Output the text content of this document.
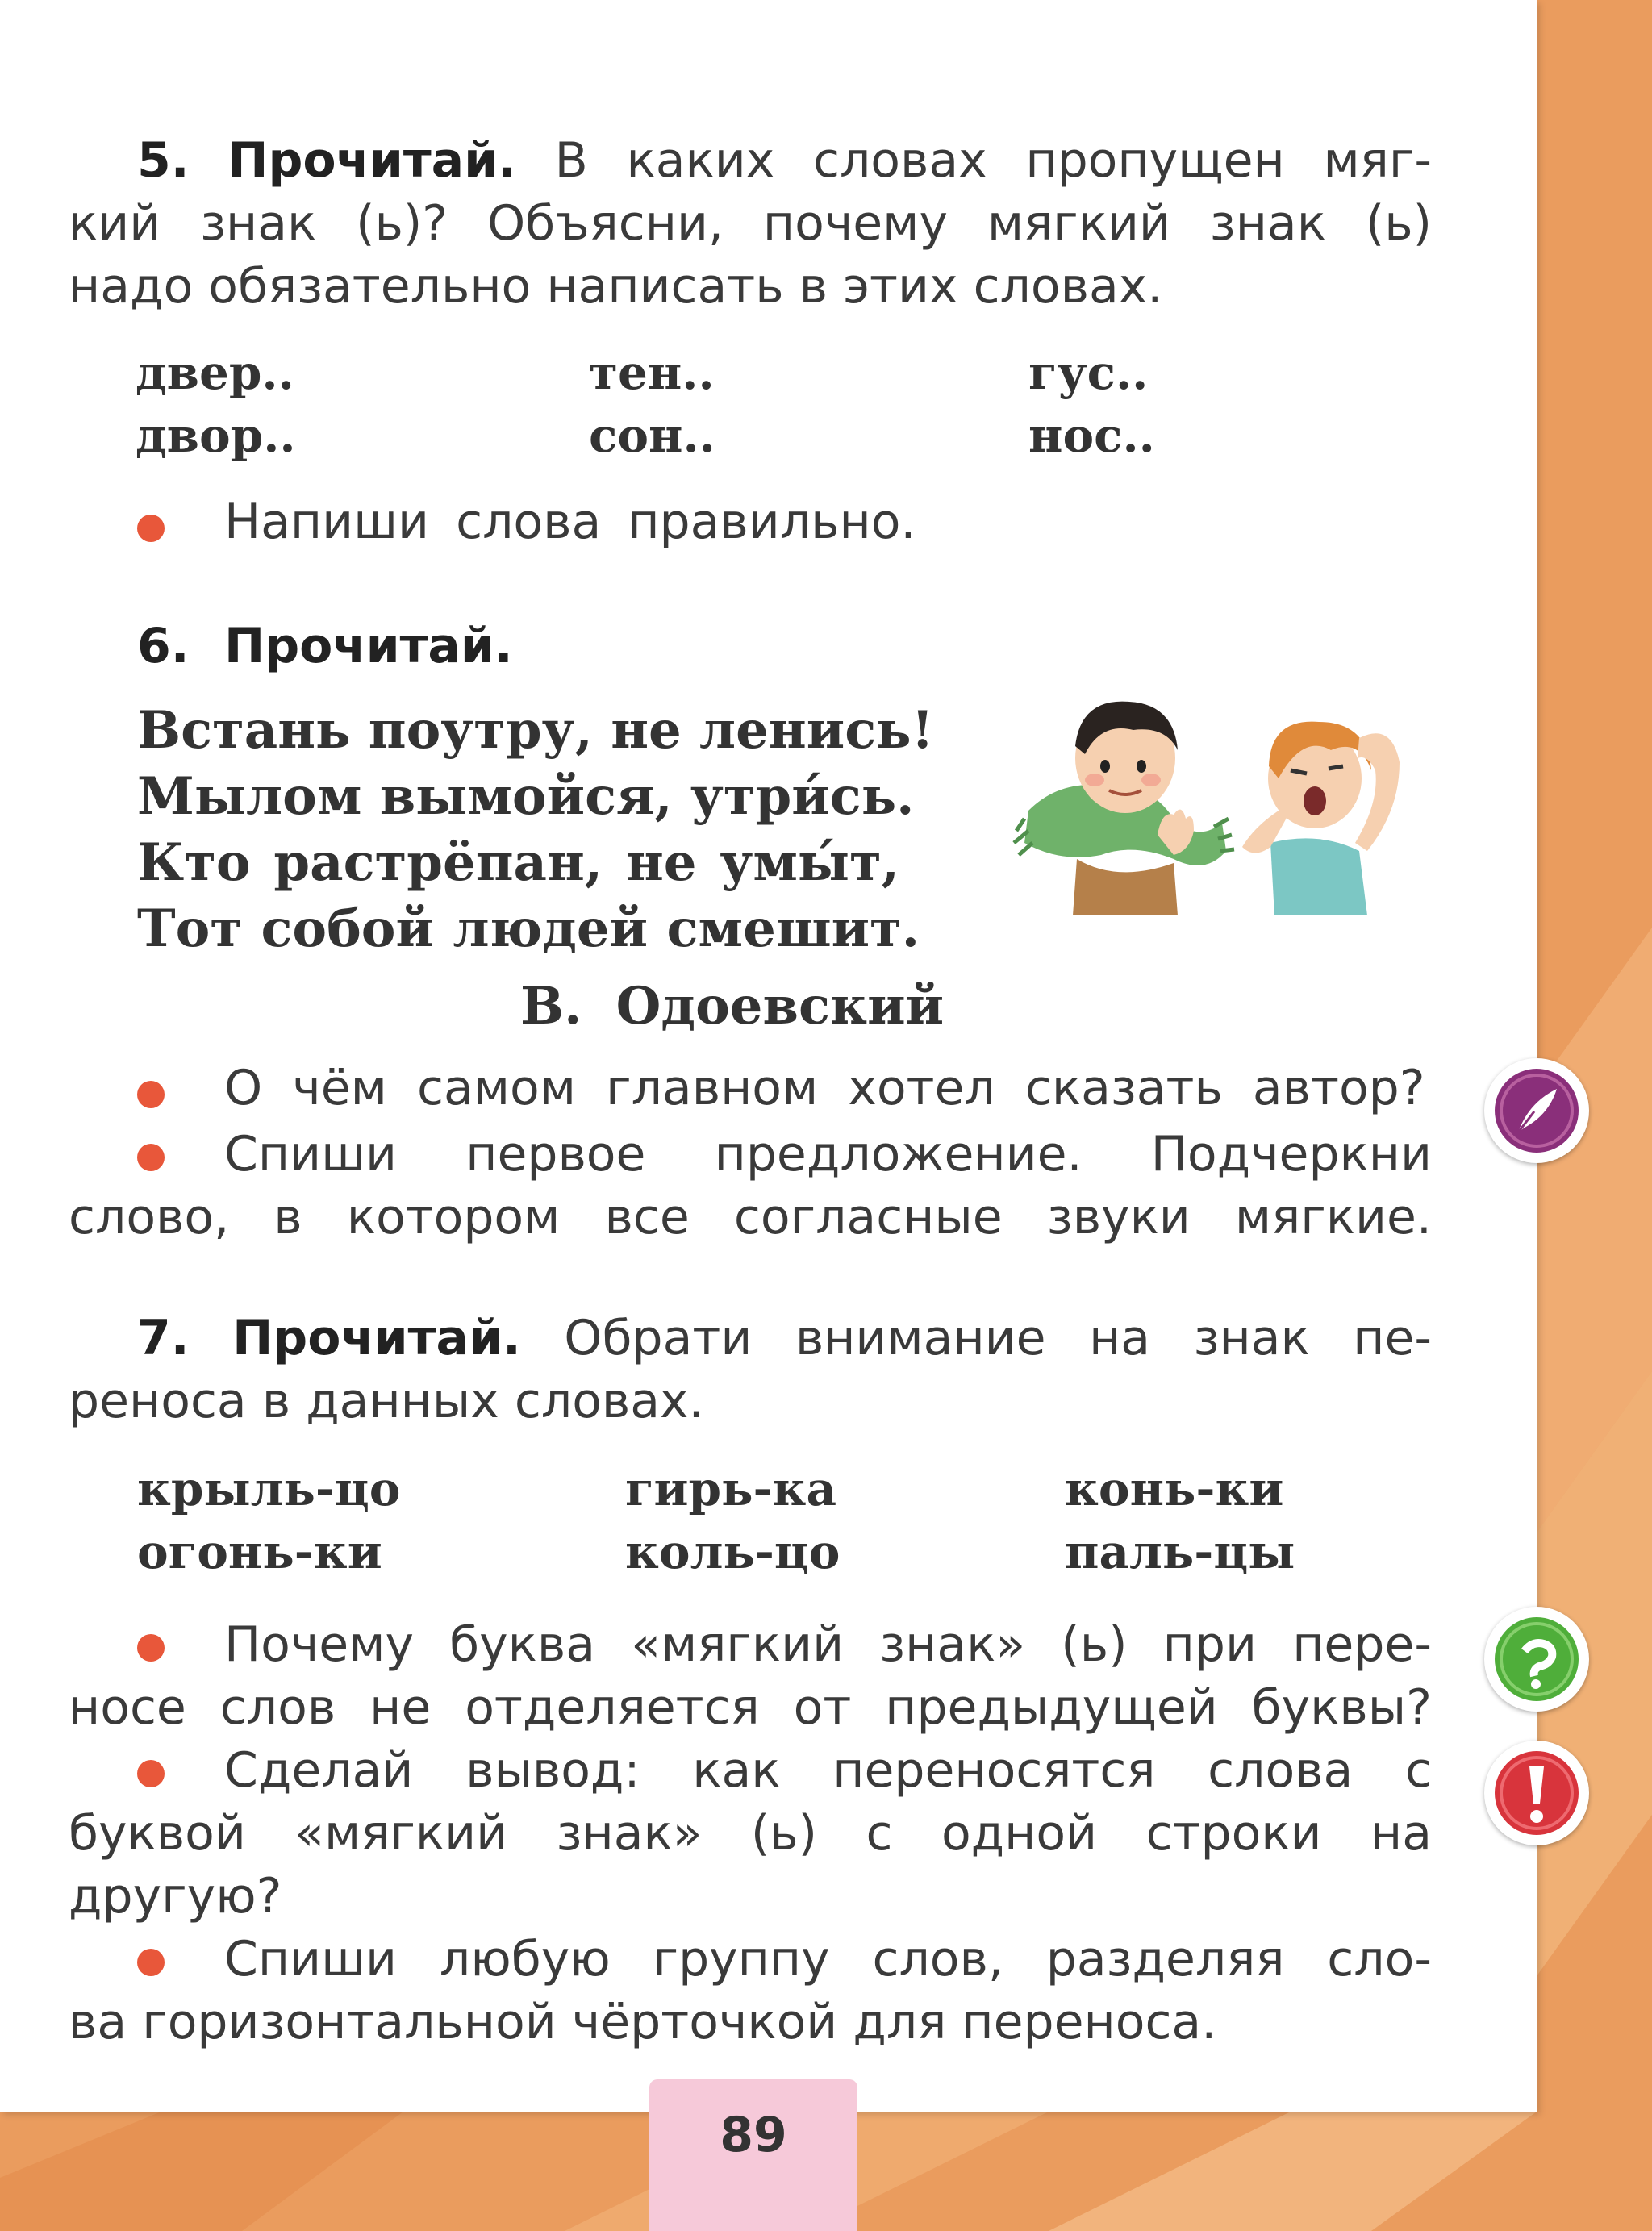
5. Прочитай. В каких словах пропущен мяг-
кий знак (ь)? Объясни, почему мягкий знак (ь)
надо обязательно написать в этих словах.
двер..	тен..	гус..
двор..	сон..	нос..
Напиши слова правильно.
6. Прочитай.
Встань поутру, не ленись!
Мылом вымойся, утри́сь.
Кто растрёпан, не умы́т,
Тот собой людей смешит.
В. Одоевский
О чём самом главном хотел сказать автор?
Спиши первое предложение. Подчеркни
слово, в котором все согласные звуки мягкие.
7. Прочитай. Обрати внимание на знак пе-
реноса в данных словах.
крыль-цо	гирь-ка	конь-ки
огонь-ки	коль-цо	паль-цы
Почему буква «мягкий знак» (ь) при пере-
носе слов не отделяется от предыдущей буквы?
Сделай вывод: как переносятся слова с
буквой «мягкий знак» (ь) с одной строки на
другую?
Спиши любую группу слов, разделяя сло-
ва горизонтальной чёрточкой для переноса.
89
